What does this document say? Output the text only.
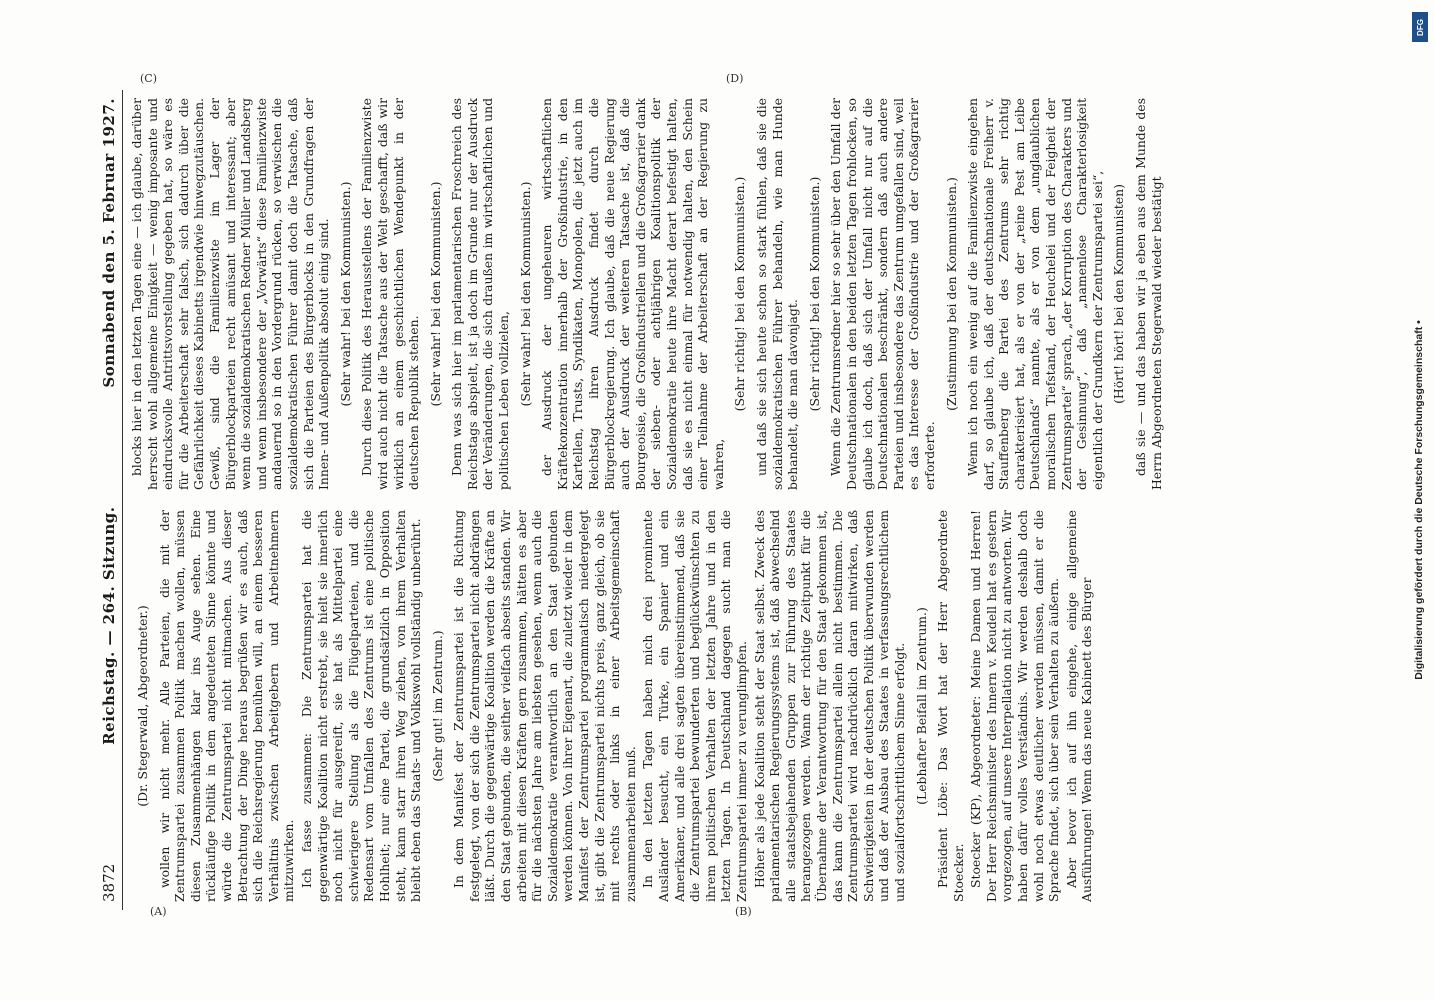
3872
Reichstag. — 264. Sitzung.
Sonnabend den 5. Februar 1927.

(Dr. Stegerwald, Abgeordneter.) wollen wir nicht mehr. Alle Parteien, die mit der Zentrumspartei zusammen Politik machen wollen, müssen diesen Zusammenhängen klar ins Auge sehen. Eine rückläufige Politik in dem angedeuteten Sinne könnte und würde die Zentrumspartei nicht mitmachen. Aus dieser Betrachtung der Dinge heraus begrüßen wir es auch, daß sich die Reichsregierung bemühen will, an einem besseren Verhältnis zwischen Arbeitgebern und Arbeitnehmern mitzuwirken. Ich fasse zusammen: Die Zentrumspartei hat die gegenwärtige Koalition nicht erstrebt, sie hielt sie innerlich noch nicht für ausgereift, sie hat als Mittelpartei eine schwierigere Stellung als die Flügelparteien, und die Redensart vom Umfallen des Zentrums ist eine politische Hohlheit; nur eine Partei, die grundsätzlich in Opposition steht, kann starr ihren Weg ziehen, von ihrem Verhalten bleibt eben das Staats- und Volkswohl vollständig unberührt. (Sehr gut! im Zentrum.) In dem Manifest der Zentrumspartei ist die Richtung festgelegt, von der sich die Zentrumspartei nicht abdrängen läßt. Durch die gegenwärtige Koalition werden die Kräfte an den Staat gebunden, die seither vielfach abseits standen. Wir arbeiten mit diesen Kräften gern zusammen, hätten es aber für die nächsten Jahre am liebsten gesehen, wenn auch die Sozialdemokratie verantwortlich an den Staat gebunden werden können. Von ihrer Eigenart, die zuletzt wieder in dem Manifest der Zentrumspartei programmatisch niedergelegt ist, gibt die Zentrumspartei nichts preis, ganz gleich, ob sie mit rechts oder links in einer Arbeitsgemeinschaft zusammenarbeiten muß. In den letzten Tagen haben mich drei prominente Ausländer besucht, ein Türke, ein Spanier und ein Amerikaner, und alle drei sagten übereinstimmend, daß sie die Zentrumspartei bewunderten und beglückwünschten zu ihrem politischen Verhalten der letzten Jahre und in den letzten Tagen. In Deutschland dagegen sucht man die Zentrumspartei immer zu verunglimpfen. Höher als jede Koalition steht der Staat selbst. Zweck des parlamentarischen Regierungssystems ist, daß abwechselnd alle staatsbejahenden Gruppen zur Führung des Staates herangezogen werden. Wann der richtige Zeitpunkt für die Übernahme der Verantwortung für den Staat gekommen ist, das kann die Zentrumspartei allein nicht bestimmen. Die Zentrumspartei wird nachdrücklich daran mitwirken, daß Schwierigkeiten in der deutschen Politik überwunden werden und daß der Ausbau des Staates in verfassungsrechtlichem und sozialfortschrittlichem Sinne erfolgt. (Lebhafter Beifall im Zentrum.) Präsident Löbe: Das Wort hat der Herr Abgeordnete Stoecker. Stoecker (KP), Abgeordneter: Meine Damen und Herren! Der Herr Reichsminister des Innern v. Keudell hat es gestern vorgezogen, auf unsere Interpellation nicht zu antworten. Wir haben dafür volles Verständnis. Wir werden deshalb doch wohl noch etwas deutlicher werden müssen, damit er die Sprache findet, sich über sein Verhalten zu äußern. Aber bevor ich auf ihn eingehe, einige allgemeine Ausführungen! Wenn das neue Kabinett des Bürger

blocks hier in den letzten Tagen eine — ich glaube, darüber herrscht wohl allgemeine Einigkeit — wenig imposante und eindrucksvolle Antrittsvorstellung gegeben hat, so wäre es für die Arbeiterschaft sehr falsch, sich dadurch über die Gefährlichkeit dieses Kabinetts irgendwie hinwegzutäuschen. Gewiß, sind die Familienzwiste im Lager der Bürgerblockparteien recht amüsant und interessant; aber wenn die sozialdemokratischen Redner Müller und Landsberg und wenn insbesondere der „Vorwärts“ diese Familienzwiste andauernd so in den Vordergrund rücken, so verwischen die sozialdemokratischen Führer damit doch die Tatsache, daß sich die Parteien des Bürgerblocks in den Grundfragen der Innen- und Außenpolitik absolut einig sind. (Sehr wahr! bei den Kommunisten.) Durch diese Politik des Herausstellens der Familienzwiste wird auch nicht die Tatsache aus der Welt geschafft, daß wir wirklich an einem geschichtlichen Wendepunkt in der deutschen Republik stehen. (Sehr wahr! bei den Kommunisten.) Denn was sich hier im parlamentarischen Froschreich des Reichstags abspielt, ist ja doch im Grunde nur der Ausdruck der Veränderungen, die sich draußen im wirtschaftlichen und politischen Leben vollzielen, (Sehr wahr! bei den Kommunisten.) der Ausdruck der ungeheuren wirtschaftlichen Kräftekonzentration innerhalb der Großindustrie, in den Kartellen, Trusts, Syndikaten, Monopolen, die jetzt auch im Reichstag ihren Ausdruck findet durch die Bürgerblockregierung. Ich glaube, daß die neue Regierung auch der Ausdruck der weiteren Tatsache ist, daß die Bourgeoisie, die Großindustriellen und die Großagrarier dank der sieben- oder achtjährigen Koalitionspolitik der Sozialdemokratie heute ihre Macht derart befestigt halten, daß sie es nicht einmal für notwendig halten, den Schein einer Teilnahme der Arbeiterschaft an der Regierung zu wahren,

(Sehr richtig! bei den Kommunisten.) und daß sie sich heute schon so stark fühlen, daß sie die sozialdemokratischen Führer behandeln, wie man Hunde behandelt, die man davonjagt. (Sehr richtig! bei den Kommunisten.) Wenn die Zentrumsredner hier so sehr über den Umfall der Deutschnationalen in den beiden letzten Tagen frohlocken, so glaube ich doch, daß sich der Umfall nicht nur auf die Deutschnationalen beschränkt, sondern daß auch andere Parteien und insbesondere das Zentrum umgefallen sind, weil es das Interesse der Großindustrie und der Großagrarier erforderte.

(Zustimmung bei den Kommunisten.) Wenn ich noch ein wenig auf die Familienzwiste eingehen darf, so glaube ich, daß der deutschnationale Freiherr v. Stauffenberg die Partei des Zentrums sehr richtig charakterisiert hat, als er von der „reine Pest am Leibe Deutschlands“ nannte, als er von dem „unglaublichen moralischen Tiefstand, der Heuchelei und der Feigheit der Zentrumspartei“ sprach, „der Korruption des Charakters und der Gesinnung“, daß „namenlose Charakterlosigkeit eigentlich der Grundkern der Zentrumspartei sei“, (Hört! hört! bei den Kommunisten) daß sie — und das haben wir ja eben aus dem Munde des Herrn Abgeordneten Stegerwald wieder bestätigt

(A)	(B)
(C)	(D)
DFG
Digitalisierung gefördert durch die Deutsche Forschungsgemeinschaft •
